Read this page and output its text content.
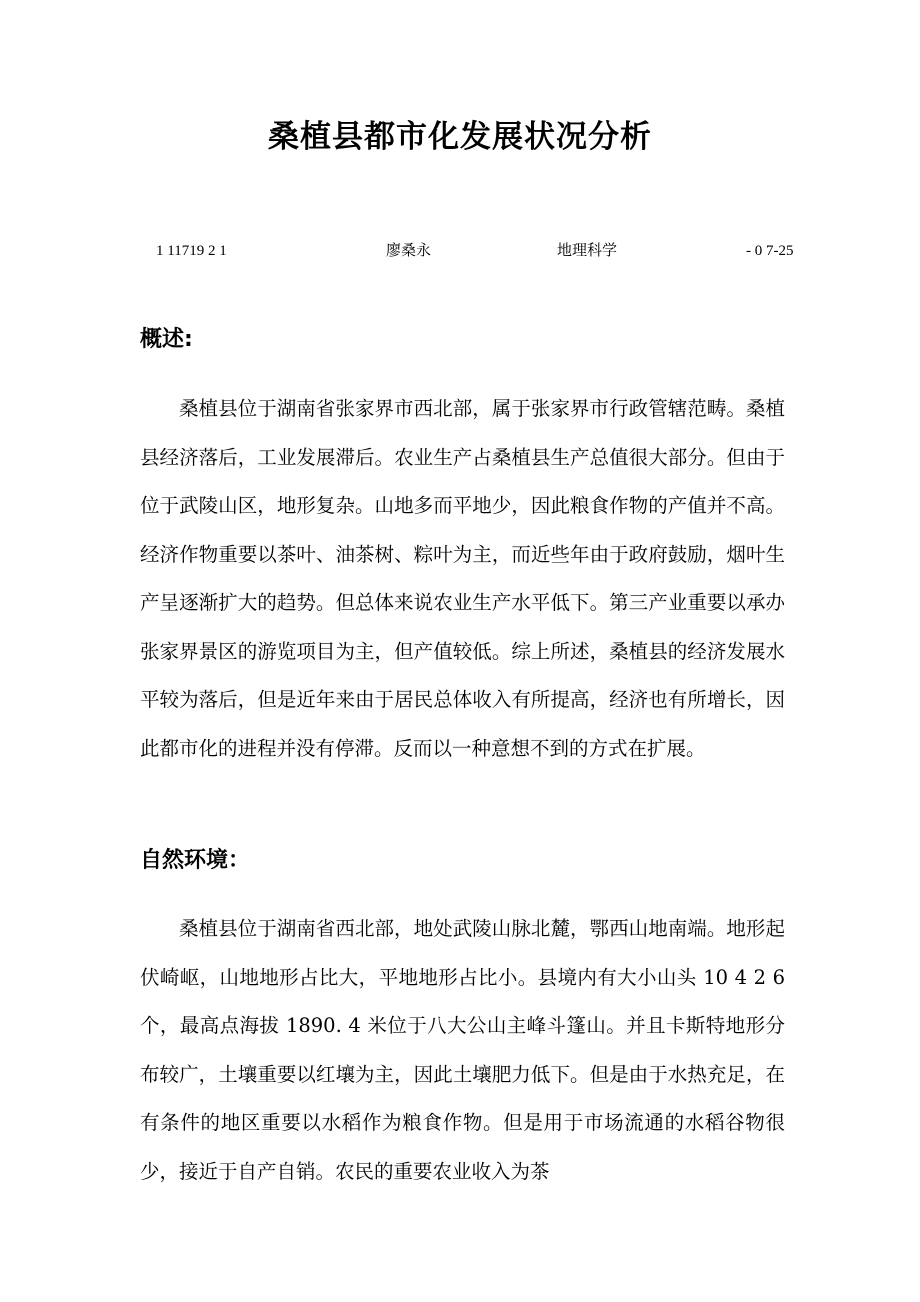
桑植县都市化发展状况分析
1 11719 2 1	廖桑永	地理科学	- 0 7-25
概述:

桑植县位于湖南省张家界市西北部，属于张家界市行政管辖范畴。桑植县经济落后，工业发展滞后。农业生产占桑植县生产总值很大部分。但由于位于武陵山区，地形复杂。山地多而平地少，因此粮食作物的产值并不高。经济作物重要以茶叶、油茶树、粽叶为主，而近些年由于政府鼓励，烟叶生产呈逐渐扩大的趋势。但总体来说农业生产水平低下。第三产业重要以承办张家界景区的游览项目为主，但产值较低。综上所述，桑植县的经济发展水平较为落后，但是近年来由于居民总体收入有所提高，经济也有所增长，因此都市化的进程并没有停滞。反而以一种意想不到的方式在扩展。

自然环境：

桑植县位于湖南省西北部，地处武陵山脉北麓，鄂西山地南端。地形起伏崎岖，山地地形占比大，平地地形占比小。县境内有大小山头 10 4 2 6 个，最高点海拔 1890. 4 米位于八大公山主峰斗篷山。并且卡斯特地形分布较广，土壤重要以红壤为主，因此土壤肥力低下。但是由于水热充足，在有条件的地区重要以水稻作为粮食作物。但是用于市场流通的水稻谷物很少，接近于自产自销。农民的重要农业收入为茶
